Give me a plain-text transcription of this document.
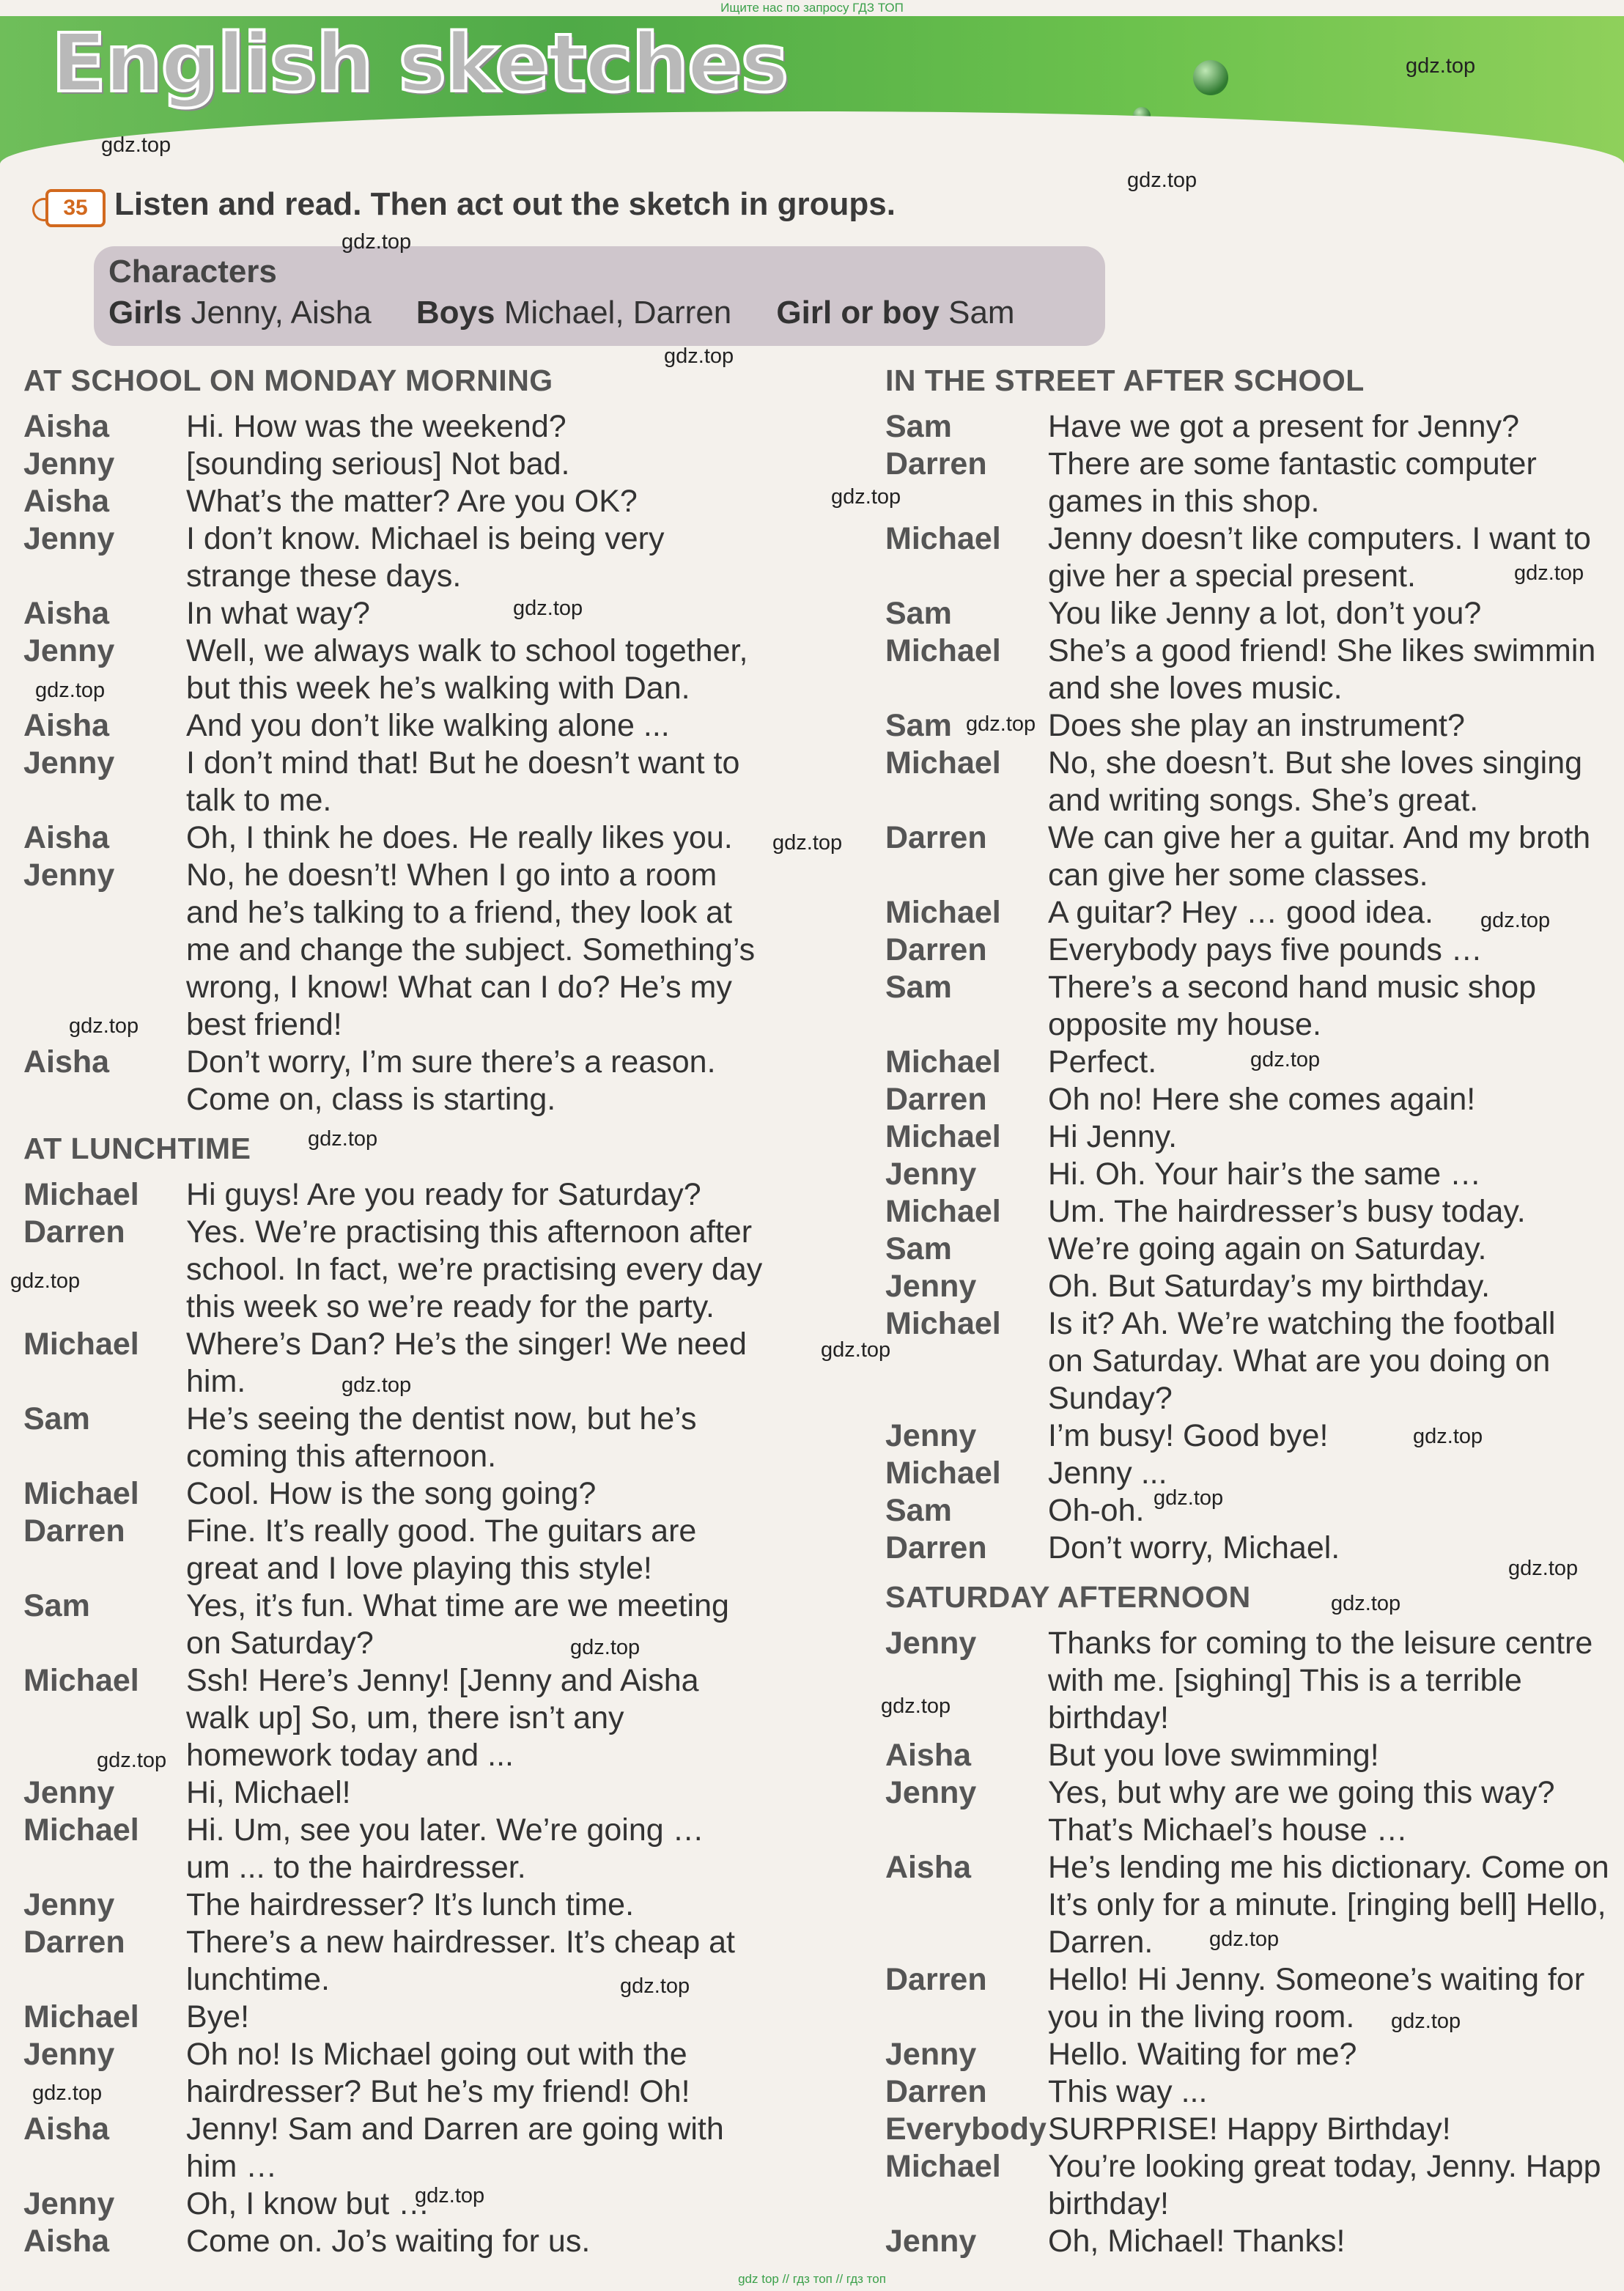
Ищите нас по запросу ГДЗ ТОП
English sketches
35 Listen and read. Then act out the sketch in groups.
Characters
Girls Jenny, Aisha Boys Michael, Darren Girl or boy Sam
gdz.top
gdz.top
gdz.top
gdz.top
gdz.top
gdz.top
gdz.top
gdz.top
gdz.top
gdz.top
gdz.top
gdz.top
gdz.top
gdz.top
gdz.top
gdz.top
gdz.top
gdz.top
gdz.top
gdz.top
gdz.top
gdz.top
gdz.top
gdz.top
gdz.top
gdz.top
gdz.top
gdz.top
gdz.top
gdz.top
AT SCHOOL ON MONDAY MORNING
Aisha	Hi. How was the weekend?
Jenny	[sounding serious] Not bad.
Aisha	What’s the matter? Are you OK?
Jenny	I don’t know. Michael is being very
strange these days.
Aisha	In what way?
Jenny	Well, we always walk to school together,
but this week he’s walking with Dan.
Aisha	And you don’t like walking alone ...
Jenny	I don’t mind that! But he doesn’t want to
talk to me.
Aisha	Oh, I think he does. He really likes you.
Jenny	No, he doesn’t! When I go into a room
and he’s talking to a friend, they look at
me and change the subject. Something’s
wrong, I know! What can I do? He’s my
best friend!
Aisha	Don’t worry, I’m sure there’s a reason.
Come on, class is starting.
AT LUNCHTIME
Michael	Hi guys! Are you ready for Saturday?
Darren	Yes. We’re practising this afternoon after
school. In fact, we’re practising every day
this week so we’re ready for the party.
Michael	Where’s Dan? He’s the singer! We need
him.
Sam	He’s seeing the dentist now, but he’s
coming this afternoon.
Michael	Cool. How is the song going?
Darren	Fine. It’s really good. The guitars are
great and I love playing this style!
Sam	Yes, it’s fun. What time are we meeting
on Saturday?
Michael	Ssh! Here’s Jenny! [Jenny and Aisha
walk up] So, um, there isn’t any
homework today and ...
Jenny	Hi, Michael!
Michael	Hi. Um, see you later. We’re going …
um ... to the hairdresser.
Jenny	The hairdresser? It’s lunch time.
Darren	There’s a new hairdresser. It’s cheap at
lunchtime.
Michael	Bye!
Jenny	Oh no! Is Michael going out with the
hairdresser? But he’s my friend! Oh!
Aisha	Jenny! Sam and Darren are going with
him …
Jenny	Oh, I know but …
Aisha	Come on. Jo’s waiting for us.
IN THE STREET AFTER SCHOOL
Sam	Have we got a present for Jenny?
Darren	There are some fantastic computer
games in this shop.
Michael	Jenny doesn’t like computers. I want to
give her a special present.
Sam	You like Jenny a lot, don’t you?
Michael	She’s a good friend! She likes swimmin
and she loves music.
Sam	Does she play an instrument?
Michael	No, she doesn’t. But she loves singing
and writing songs. She’s great.
Darren	We can give her a guitar. And my broth
can give her some classes.
Michael	A guitar? Hey … good idea.
Darren	Everybody pays five pounds …
Sam	There’s a second hand music shop
opposite my house.
Michael	Perfect.
Darren	Oh no! Here she comes again!
Michael	Hi Jenny.
Jenny	Hi. Oh. Your hair’s the same …
Michael	Um. The hairdresser’s busy today.
Sam	We’re going again on Saturday.
Jenny	Oh. But Saturday’s my birthday.
Michael	Is it? Ah. We’re watching the football
on Saturday. What are you doing on
Sunday?
Jenny	I’m busy! Good bye!
Michael	Jenny ...
Sam	Oh-oh.
Darren	Don’t worry, Michael.
SATURDAY AFTERNOON
Jenny	Thanks for coming to the leisure centre
with me. [sighing] This is a terrible
birthday!
Aisha	But you love swimming!
Jenny	Yes, but why are we going this way?
That’s Michael’s house …
Aisha	He’s lending me his dictionary. Come on
It’s only for a minute. [ringing bell] Hello,
Darren.
Darren	Hello! Hi Jenny. Someone’s waiting for
you in the living room.
Jenny	Hello. Waiting for me?
Darren	This way ...
Everybody SURPRISE! Happy Birthday!
Michael	You’re looking great today, Jenny. Happ
birthday!
Jenny	Oh, Michael! Thanks!
gdz top // гдз топ // гдз топ
